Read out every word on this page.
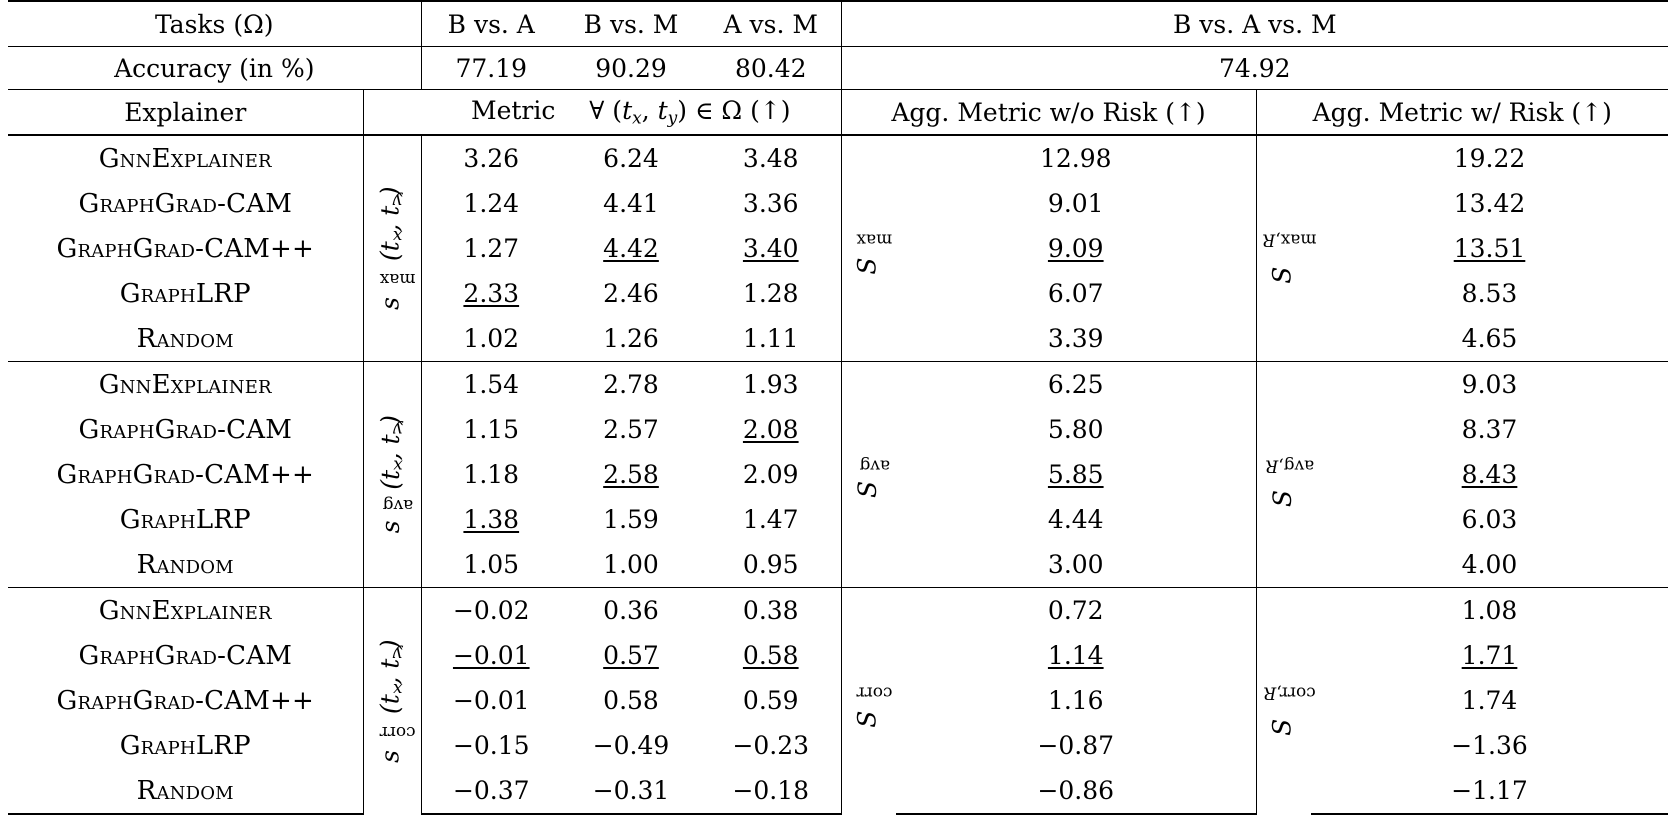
Tasks (Ω)		B vs. A	B vs. M	A vs. M	B vs. A vs. M			
Accuracy (in %)		77.19	90.29	80.42	74.92			
Explainer		Metric ∀ (tx, ty) ∈ Ω (↑)			Agg. Metric w/o Risk (↑)		Agg. Metric w/ Risk (↑)	
GnnExplainer	smax(tx, ty)	3.26	6.24	3.48	Smax	12.98	Smax,R	19.22
GraphGrad-CAM		1.24	4.41	3.36		9.01		13.42
GraphGrad-CAM++		1.27	4.42	3.40		9.09		13.51
GraphLRP		2.33	2.46	1.28		6.07		8.53
Random		1.02	1.26	1.11		3.39		4.65
GnnExplainer	savg(tx, ty)	1.54	2.78	1.93	Savg	6.25	Savg,R	9.03
GraphGrad-CAM		1.15	2.57	2.08		5.80		8.37
GraphGrad-CAM++		1.18	2.58	2.09		5.85		8.43
GraphLRP		1.38	1.59	1.47		4.44		6.03
Random		1.05	1.00	0.95		3.00		4.00
GnnExplainer	scorr(tx, ty)	−0.02	0.36	0.38	Scorr	0.72	Scorr,R	1.08
GraphGrad-CAM		−0.01	0.57	0.58		1.14		1.71
GraphGrad-CAM++		−0.01	0.58	0.59		1.16		1.74
GraphLRP		−0.15	−0.49	−0.23		−0.87		−1.36
Random		−0.37	−0.31	−0.18		−0.86		−1.17
